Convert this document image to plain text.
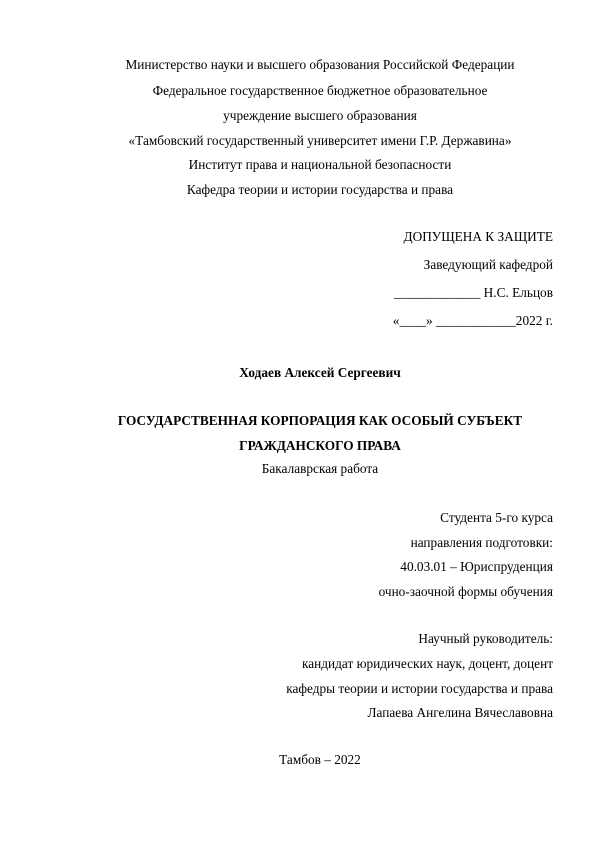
Министерство науки и высшего образования Российской Федерации
Федеральное государственное бюджетное образовательное
учреждение высшего образования
«Тамбовский государственный университет имени Г.Р. Державина»
Институт права и национальной безопасности
Кафедра теории и истории государства и права
ДОПУЩЕНА К ЗАЩИТЕ
Заведующий кафедрой
_____________ Н.С. Ельцов
«____» ____________2022 г.
Ходаев Алексей Сергеевич
ГОСУДАРСТВЕННАЯ КОРПОРАЦИЯ КАК ОСОБЫЙ СУБЪЕКТ
ГРАЖДАНСКОГО ПРАВА
Бакалаврская работа
Студента 5-го курса
направления подготовки:
40.03.01 – Юриспруденция
очно-заочной формы обучения
Научный руководитель:
кандидат юридических наук, доцент, доцент
кафедры теории и истории государства и права
Лапаева Ангелина Вячеславовна
Тамбов – 2022
